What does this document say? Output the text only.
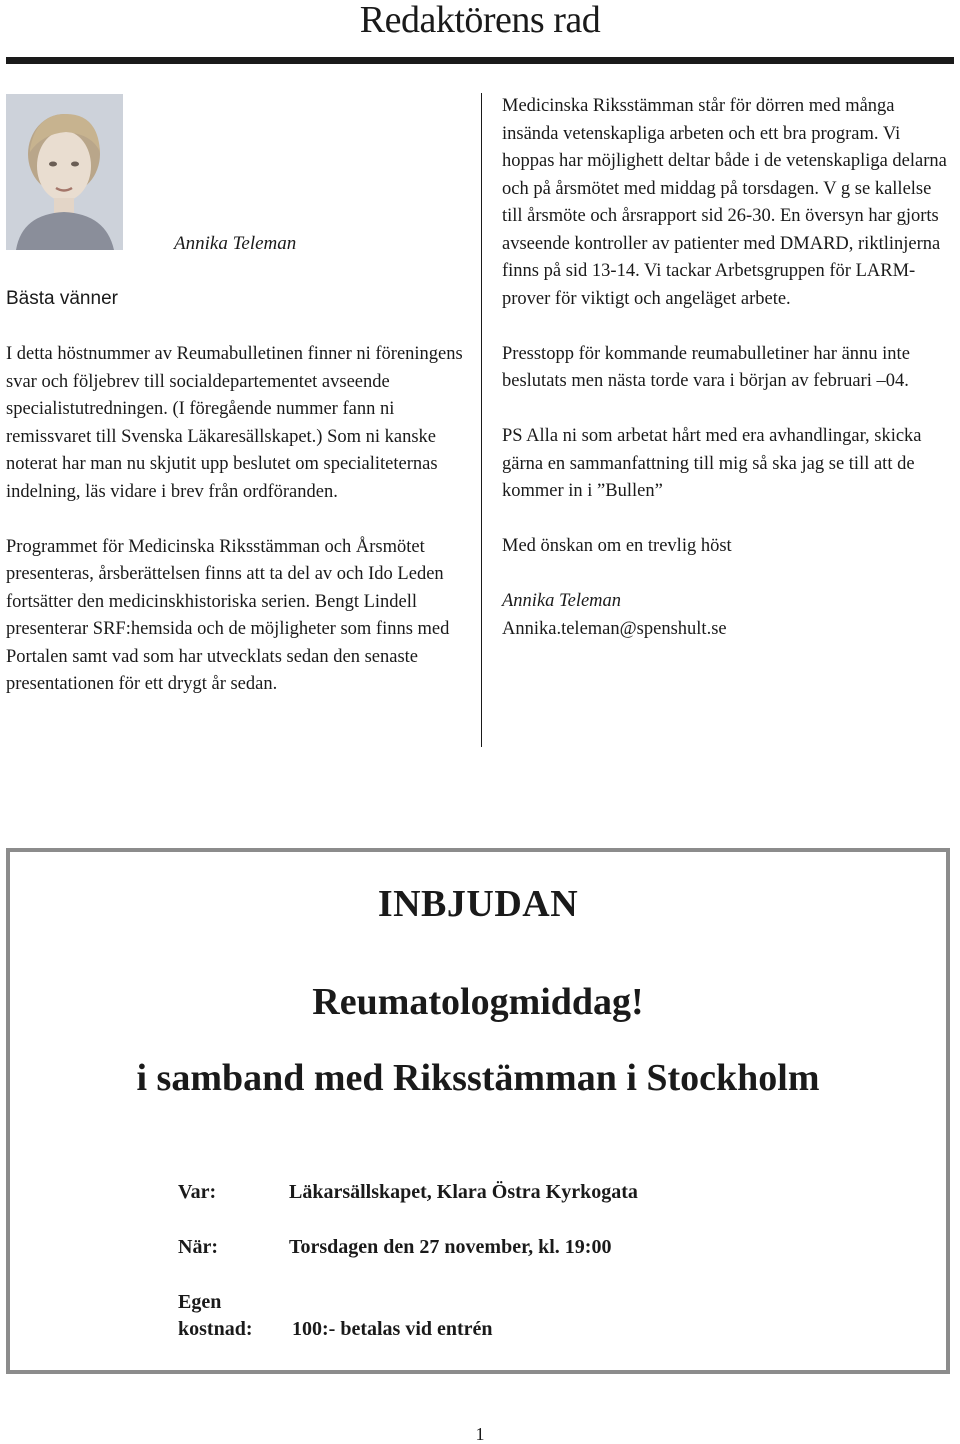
Redaktörens rad
Annika Teleman
Bästa vänner

I detta höstnummer av Reumabulletinen finner ni föreningens svar och följebrev till socialdepartementet avseende specialistutredningen. (I föregående nummer fann ni remissvaret till Svenska Läkaresällskapet.) Som ni kanske noterat har man nu skjutit upp beslutet om specialiteternas indelning, läs vidare i brev från ordföranden.

Programmet för Medicinska Riksstämman och Årsmötet presenteras, årsberättelsen finns att ta del av och Ido Leden fortsätter den medicinskhistoriska serien. Bengt Lindell presenterar SRF:hemsida och de möjligheter som finns med Portalen samt vad som har utvecklats sedan den senaste presentationen för ett drygt år sedan.

Medicinska Riksstämman står för dörren med många insända vetenskapliga arbeten och ett bra program. Vi hoppas har möjlighett deltar både i de vetenskapliga delarna och på årsmötet med middag på torsdagen. V g se kallelse till årsmöte och årsrapport sid 26-30. En översyn har gjorts avseende kontroller av patienter med DMARD, riktlinjerna finns på sid 13-14. Vi tackar Arbetsgruppen för LARM-prover för viktigt och angeläget arbete.

Presstopp för kommande reumabulletiner har ännu inte beslutats men nästa torde vara i början av februari –04.

PS Alla ni som arbetat hårt med era avhandlingar, skicka gärna en sammanfattning till mig så ska jag se till att de kommer in i ”Bullen”

Med önskan om en trevlig höst

Annika Teleman
Annika.teleman@spenshult.se
INBJUDAN
Reumatologmiddag!
i samband med Riksstämman i Stockholm
Var:	Läkarsällskapet, Klara Östra Kyrkogata
När:	Torsdagen den 27 november, kl. 19:00
Egen
kostnad: 100:- betalas vid entrén
1
